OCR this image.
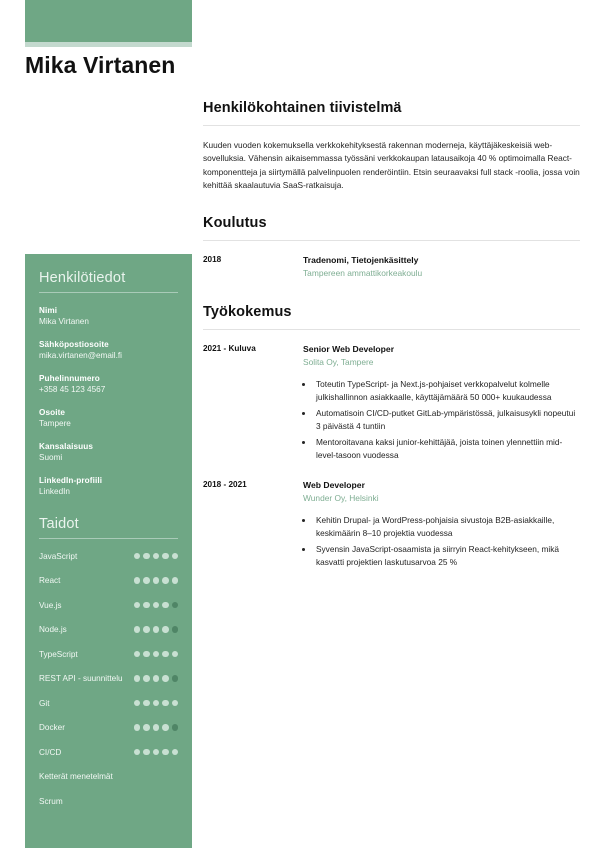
Mika Virtanen
Henkilötiedot
Nimi
Mika Virtanen
Sähköpostiosoite
mika.virtanen@email.fi
Puhelinnumero
+358 45 123 4567
Osoite
Tampere
Kansalaisuus
Suomi
LinkedIn-profiili
LinkedIn
Taidot
JavaScript
React
Vue.js
Node.js
TypeScript
REST API - suunnittelu
Git
Docker
CI/CD
Ketterät menetelmät
Scrum
Henkilökohtainen tiivistelmä

Kuuden vuoden kokemuksella verkkokehityksestä rakennan moderneja, käyttäjäkeskeisiä web-sovelluksia. Vähensin aikaisemmassa työssäni verkkokaupan latausaikoja 40 % optimoimalla React-komponentteja ja siirtymällä palvelinpuolen renderöintiin. Etsin seuraavaksi full stack -roolia, jossa voin kehittää skaalautuvia SaaS-ratkaisuja.

Koulutus
2018	Tradenomi, Tietojenkäsittely
Tampereen ammattikorkeakoulu
Työkokemus
2021 - Kuluva	Senior Web Developer
Solita Oy, Tampere
• Toteutin TypeScript- ja Next.js-pohjaiset verkkopalvelut kolmelle julkishallinnon asiakkaalle, käyttäjämäärä 50 000+ kuukaudessa
• Automatisoin CI/CD-putket GitLab-ympäristössä, julkaisusykli nopeutui 3 päivästä 4 tuntiin
• Mentoroitavana kaksi junior-kehittäjää, joista toinen ylennettiin mid-level-tasoon vuodessa
2018 - 2021	Web Developer
Wunder Oy, Helsinki
• Kehitin Drupal- ja WordPress-pohjaisia sivustoja B2B-asiakkaille, keskimäärin 8–10 projektia vuodessa
• Syvensin JavaScript-osaamista ja siirryin React-kehitykseen, mikä kasvatti projektien laskutusarvoa 25 %
